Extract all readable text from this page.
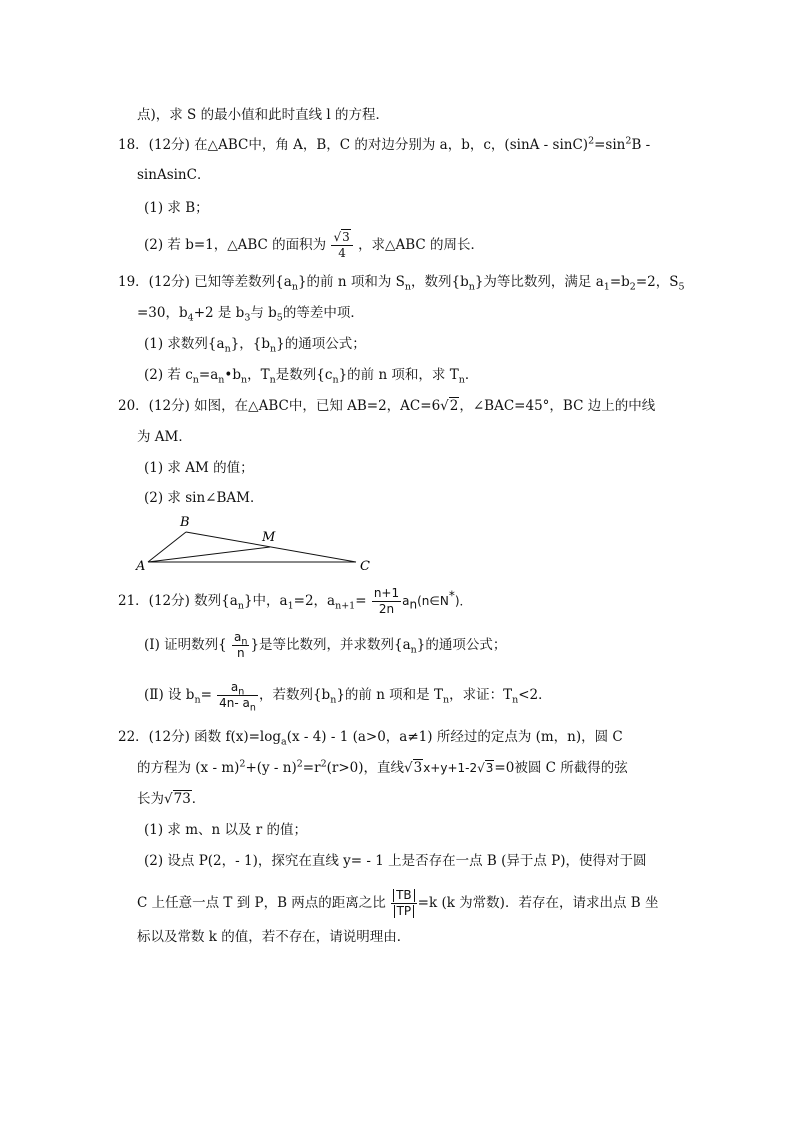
点)，求 S 的最小值和此时直线 l 的方程．
18．(12分) 在△ABC中，角 A，B，C 的对边分别为 a，b，c，$(\sin A - \sin C)^2=\sin^2B$ -
sinAsinC．
(1) 求 B；
(2) 若 b=1，△ABC 的面积为 $\frac{√3}{4}$ ，求△ABC 的周长．
19．(12分) 已知等差数列$\{a_n\}$的前 n 项和为 $S_n$，数列$\{b_n\}$为等比数列，满足 $a_1=b_2=2$，$S_5$
=30，$b_4+2$ 是 $b_3$与 $b_5$的等差中项．
(1) 求数列$\{a_n\}$，$\{b_n\}$的通项公式；
(2) 若 $c_n=a_n•b_n$，$T_n$是数列$\{c_n\}$的前 n 项和，求 $T_n$．
20．(12分) 如图，在△ABC中，已知 AB=2，AC=6√2，∠BAC=45°，BC 边上的中线
为 AM．
(1) 求 AM 的值；
(2) 求 sin∠BAM．
B
M
A	C
21．(12分) 数列$\{a_n\}$中，$a_1=2$，$a_{n+1}= \frac{n+1}{2n}$ $a_n(n\in N^*)$．
(Ⅰ) 证明数列{ $\frac{a_n}{n}$ }是等比数列，并求数列$\{a_n\}$的通项公式；
(Ⅱ) 设 $b_n= \frac{a_n}{4n- a_n}$ ，若数列$\{b_n\}$的前 n 项和是 $T_n$，求证：$T_n<2$．
22．(12分) 函数 $f(x)=\log_a(x - 4) - 1$ (a>0，a≠1) 所经过的定点为 (m，n)，圆 C
的方程为 $(x - m)^2+(y - n)^2=r^2(r>0)$，直线√3x+y+1-2√3=0被圆 C 所截得的弦
长为√73．
(1) 求 m、n 以及 r 的值；
(2) 设点 P(2，- 1)，探究在直线 y= - 1 上是否存在一点 B (异于点 P)，使得对于圆
C 上任意一点 T 到 P，B 两点的距离之比 $\frac{TB}{TP} =k$ (k 为常数)．若存在，请求出点 B 坐
标以及常数 k 的值，若不存在，请说明理由．
